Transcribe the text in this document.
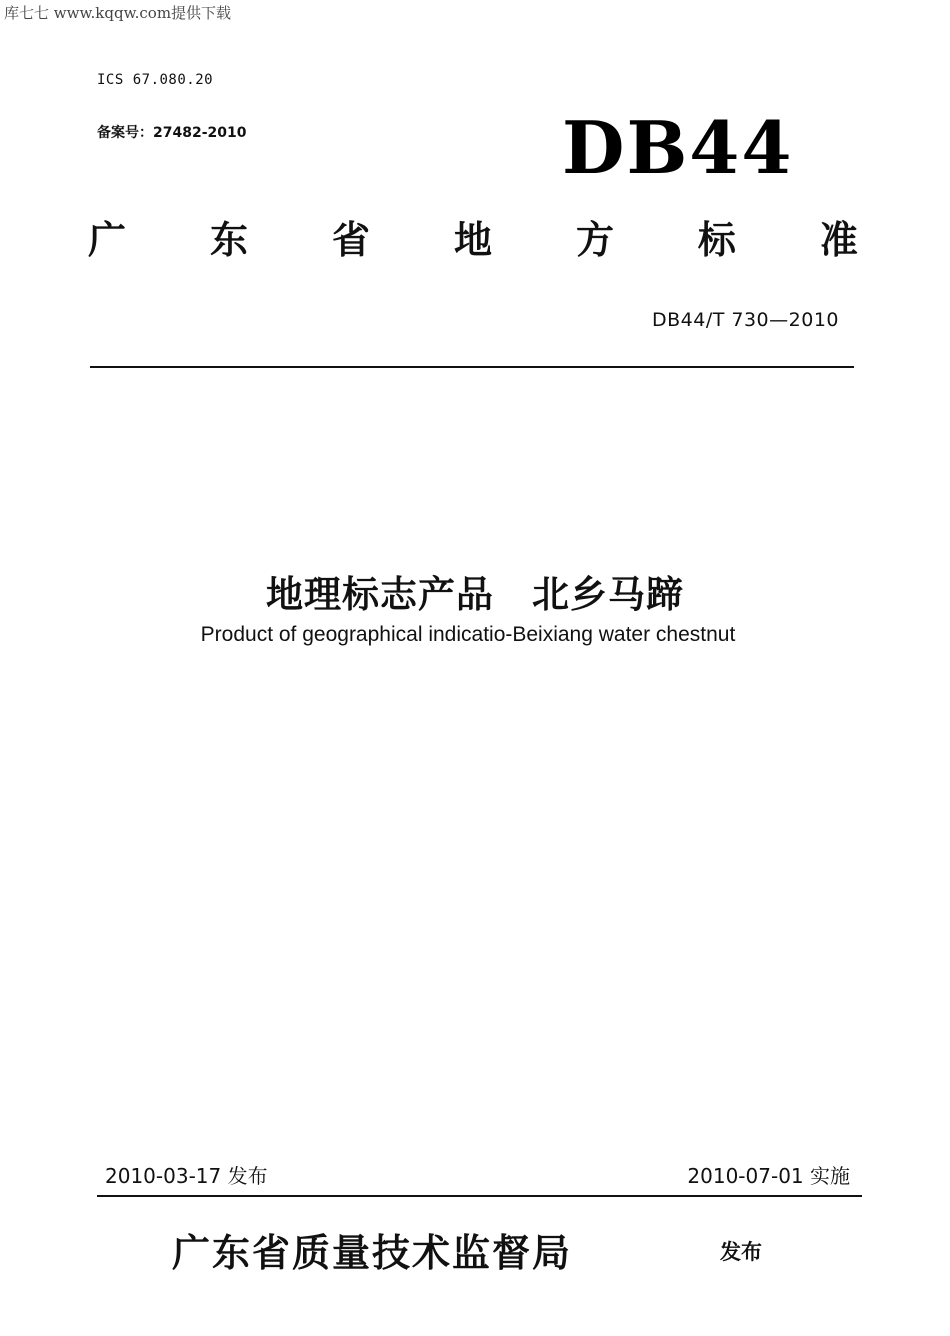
库七七 www.kqqw.com提供下载
ICS 67.080.20
备案号：27482-2010	DB44
广 东 省 地 方 标 准
DB44/T 730—2010
地理标志产品　北乡马蹄
Product of geographical indicatio-Beixiang water chestnut
2010-03-17 发布	2010-07-01 实施
广东省质量技术监督局	发布
